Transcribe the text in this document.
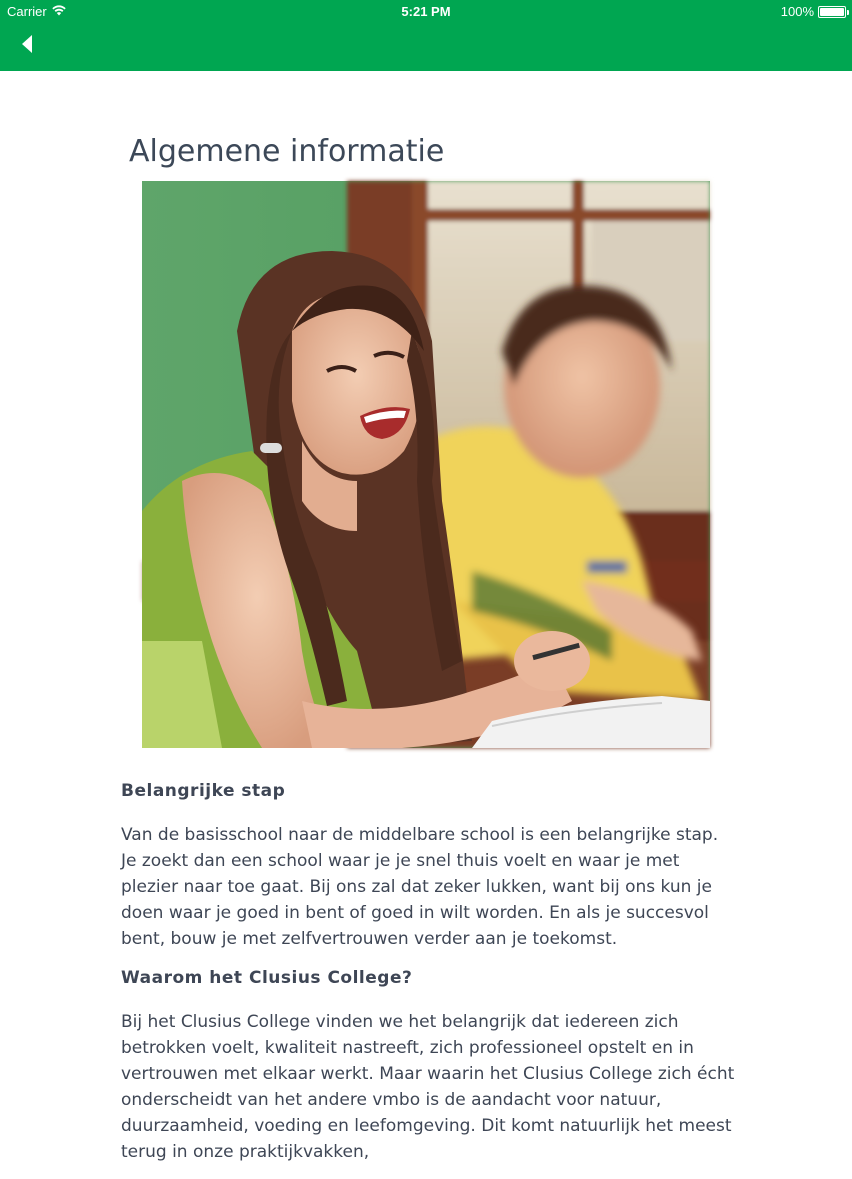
Carrier	5:21 PM	100%
Algemene informatie
Belangrijke stap

Van de basisschool naar de middelbare school is een belangrijke stap. Je zoekt dan een school waar je je snel thuis voelt en waar je met plezier naar toe gaat. Bij ons zal dat zeker lukken, want bij ons kun je doen waar je goed in bent of goed in wilt worden. En als je succesvol bent, bouw je met zelfvertrouwen verder aan je toekomst.

Waarom het Clusius College?

Bij het Clusius College vinden we het belangrijk dat iedereen zich betrokken voelt, kwaliteit nastreeft, zich professioneel opstelt en in vertrouwen met elkaar werkt. Maar waarin het Clusius College zich écht onderscheidt van het andere vmbo is de aandacht voor natuur, duurzaamheid, voeding en leefomgeving. Dit komt natuurlijk het meest terug in onze praktijkvakken,
